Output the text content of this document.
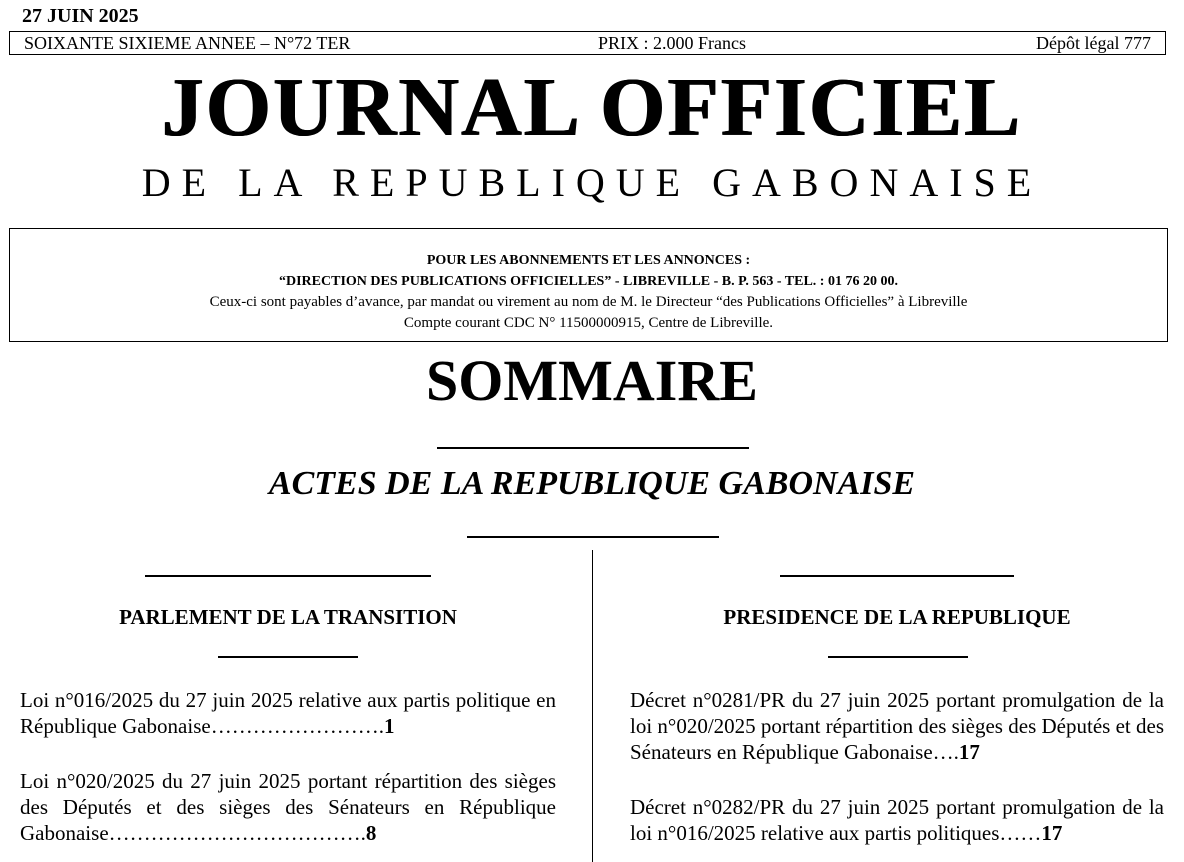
27 JUIN 2025
SOIXANTE SIXIEME ANNEE – N°72 TER	PRIX : 2.000 Francs	Dépôt légal 777
JOURNAL OFFICIEL
DE LA REPUBLIQUE GABONAISE
POUR LES ABONNEMENTS ET LES ANNONCES :
“DIRECTION DES PUBLICATIONS OFFICIELLES” - LIBREVILLE - B. P. 563 - TEL. : 01 76 20 00.
Ceux-ci sont payables d’avance, par mandat ou virement au nom de M. le Directeur “des Publications Officielles” à Libreville
Compte courant CDC N° 11500000915, Centre de Libreville.
SOMMAIRE
ACTES DE LA REPUBLIQUE GABONAISE
PARLEMENT DE LA TRANSITION
Loi n°016/2025 du 27 juin 2025 relative aux partis politique en République Gabonaise…………………….1
Loi n°020/2025 du 27 juin 2025 portant répartition des sièges des Députés et des sièges des Sénateurs en République Gabonaise……………………………….8
PRESIDENCE DE LA REPUBLIQUE
Décret n°0281/PR du 27 juin 2025 portant promulgation de la loi n°020/2025 portant répartition des sièges des Députés et des Sénateurs en République Gabonaise….17
Décret n°0282/PR du 27 juin 2025 portant promulgation de la loi n°016/2025 relative aux partis politiques……17
